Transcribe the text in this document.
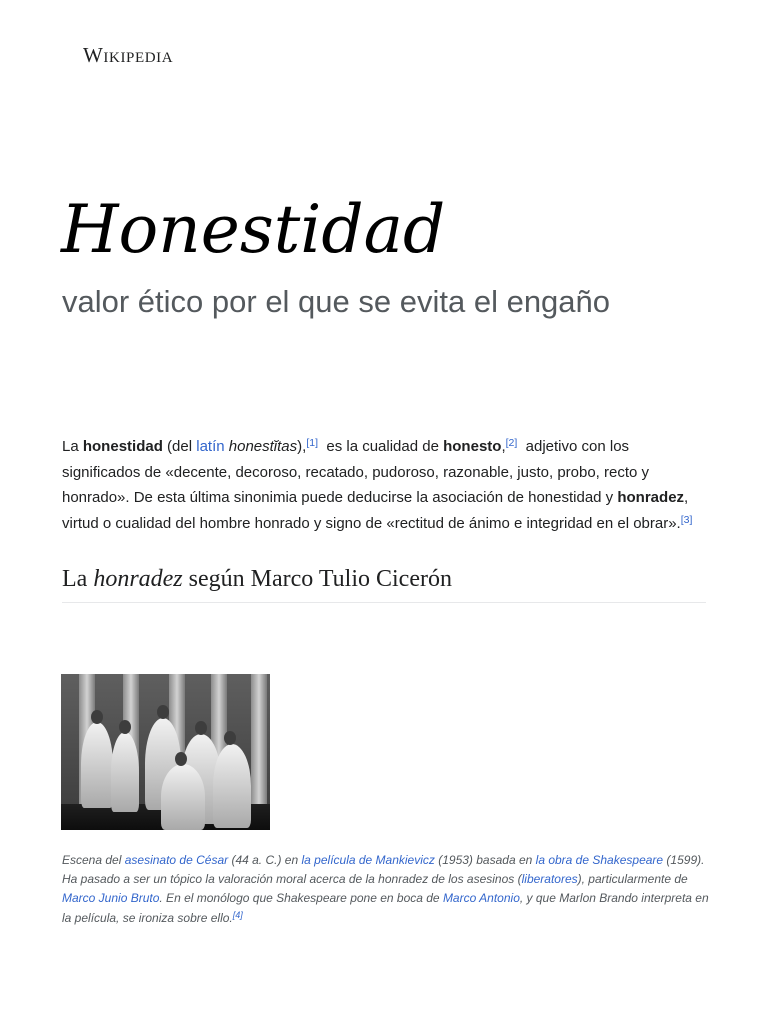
Wikipedia
Honestidad
valor ético por el que se evita el engaño

La honestidad (del latín honestĭtas),[1]  es la cualidad de honesto,[2]  adjetivo con los significados de «decente, decoroso, recatado, pudoroso, razonable, justo, probo, recto y honrado». De esta última sinonimia puede deducirse la asociación de honestidad y honradez, virtud o cualidad del hombre honrado y signo de «rectitud de ánimo e integridad en el obrar».[3]

La honradez según Marco Tulio Cicerón
Escena del asesinato de César (44 a. C.) en la película de Mankievicz (1953) basada en la obra de Shakespeare (1599). Ha pasado a ser un tópico la valoración moral acerca de la honradez de los asesinos (liberatores), particularmente de Marco Junio Bruto. En el monólogo que Shakespeare pone en boca de Marco Antonio, y que Marlon Brando interpreta en la película, se ironiza sobre ello.[4]
